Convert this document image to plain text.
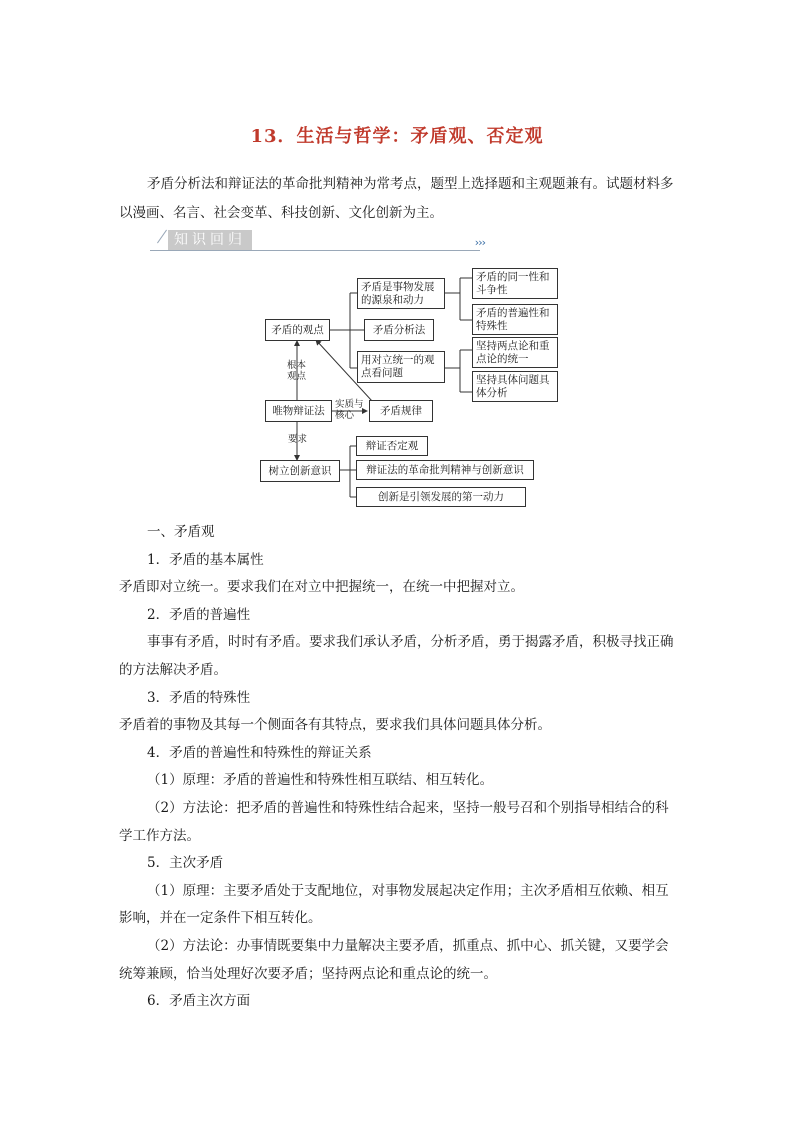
13．生活与哲学：矛盾观、否定观
矛盾分析法和辩证法的革命批判精神为常考点，题型上选择题和主观题兼有。试题材料多以漫画、名言、社会变革、科技创新、文化创新为主。
知识回归	›››
矛盾的观点
唯物辩证法
树立创新意识
矛盾是事物发展的源泉和动力
矛盾分析法
用对立统一的观点看问题
矛盾规律
矛盾的同一性和斗争性
矛盾的普遍性和特殊性
坚持两点论和重点论的统一
坚持具体问题具体分析
辩证否定观
辩证法的革命批判精神与创新意识
创新是引领发展的第一动力
根本观点
实质与核心
要求

一、矛盾观

1．矛盾的基本属性

矛盾即对立统一。要求我们在对立中把握统一，在统一中把握对立。

2．矛盾的普遍性

事事有矛盾，时时有矛盾。要求我们承认矛盾，分析矛盾，勇于揭露矛盾，积极寻找正确的方法解决矛盾。

3．矛盾的特殊性

矛盾着的事物及其每一个侧面各有其特点，要求我们具体问题具体分析。

4．矛盾的普遍性和特殊性的辩证关系

（1）原理：矛盾的普遍性和特殊性相互联结、相互转化。

（2）方法论：把矛盾的普遍性和特殊性结合起来，坚持一般号召和个别指导相结合的科学工作方法。

5．主次矛盾

（1）原理：主要矛盾处于支配地位，对事物发展起决定作用；主次矛盾相互依赖、相互影响，并在一定条件下相互转化。

（2）方法论：办事情既要集中力量解决主要矛盾，抓重点、抓中心、抓关键，又要学会统筹兼顾，恰当处理好次要矛盾；坚持两点论和重点论的统一。

6．矛盾主次方面
